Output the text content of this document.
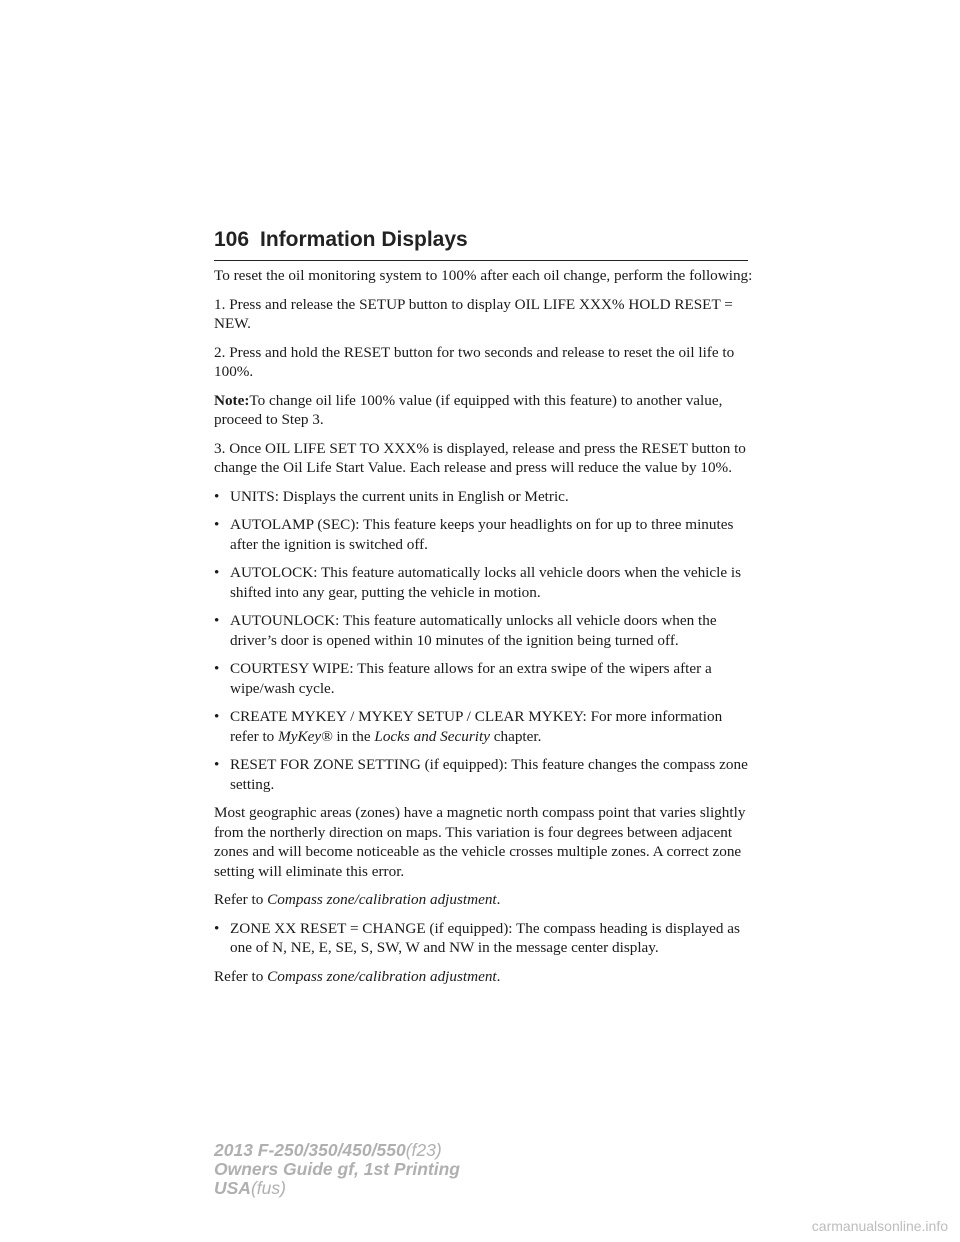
106 Information Displays

To reset the oil monitoring system to 100% after each oil change, perform the following:

1. Press and release the SETUP button to display OIL LIFE XXX% HOLD RESET = NEW.

2. Press and hold the RESET button for two seconds and release to reset the oil life to 100%.

Note:To change oil life 100% value (if equipped with this feature) to another value, proceed to Step 3.

3. Once OIL LIFE SET TO XXX% is displayed, release and press the RESET button to change the Oil Life Start Value. Each release and press will reduce the value by 10%.

• UNITS: Displays the current units in English or Metric.
• AUTOLAMP (SEC): This feature keeps your headlights on for up to three minutes after the ignition is switched off.
• AUTOLOCK: This feature automatically locks all vehicle doors when the vehicle is shifted into any gear, putting the vehicle in motion.
• AUTOUNLOCK: This feature automatically unlocks all vehicle doors when the driver’s door is opened within 10 minutes of the ignition being turned off.
• COURTESY WIPE: This feature allows for an extra swipe of the wipers after a wipe/wash cycle.
• CREATE MYKEY / MYKEY SETUP / CLEAR MYKEY: For more information refer to MyKey® in the Locks and Security chapter.
• RESET FOR ZONE SETTING (if equipped): This feature changes the compass zone setting.

Most geographic areas (zones) have a magnetic north compass point that varies slightly from the northerly direction on maps. This variation is four degrees between adjacent zones and will become noticeable as the vehicle crosses multiple zones. A correct zone setting will eliminate this error.

Refer to Compass zone/calibration adjustment.

• ZONE XX RESET = CHANGE (if equipped): The compass heading is displayed as one of N, NE, E, SE, S, SW, W and NW in the message center display.

Refer to Compass zone/calibration adjustment.

2013 F-250/350/450/550(f23)
Owners Guide gf, 1st Printing
USA(fus)
carmanualsonline.info
